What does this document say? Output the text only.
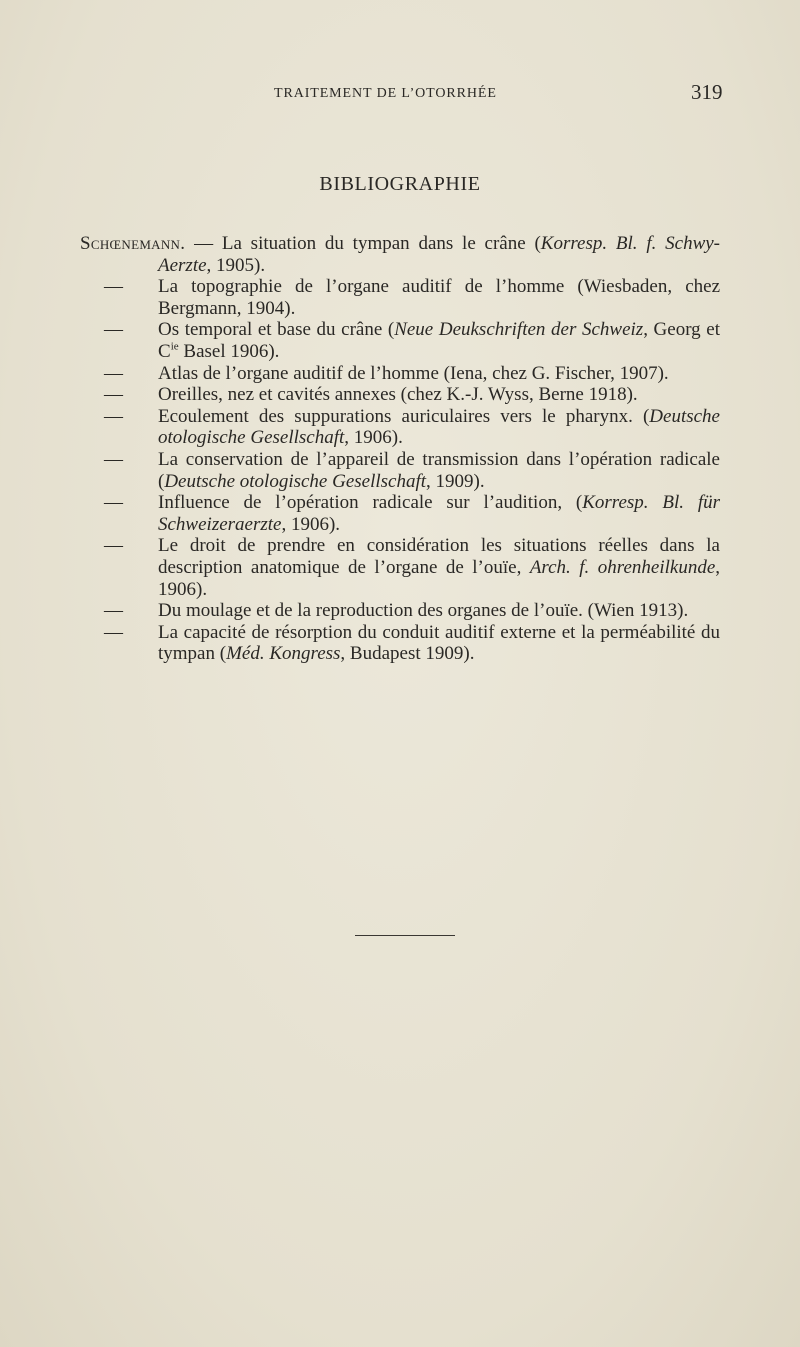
TRAITEMENT DE L’OTORRHÉE	319
BIBLIOGRAPHIE

Schœnemann. — La situation du tympan dans le crâne (Korresp. Bl. f. Schwy-Aerzte, 1905).

— La topographie de l’organe auditif de l’homme (Wiesbaden, chez Bergmann, 1904).

— Os temporal et base du crâne (Neue Deukschriften der Schweiz, Georg et $C^{ie}$ Basel 1906).

— Atlas de l’organe auditif de l’homme (Iena, chez G. Fischer, 1907).

— Oreilles, nez et cavités annexes (chez K.-J. Wyss, Berne 1918).

— Ecoulement des suppurations auriculaires vers le pharynx. (Deutsche otologische Gesellschaft, 1906).

— La conservation de l’appareil de transmission dans l’opération radicale (Deutsche otologische Gesellschaft, 1909).

— Influence de l’opération radicale sur l’audition, (Korresp. Bl. für Schweizeraerzte, 1906).

— Le droit de prendre en considération les situations réelles dans la description anatomique de l’organe de l’ouïe, Arch. f. ohrenheilkunde, 1906).

— Du moulage et de la reproduction des organes de l’ouïe. (Wien 1913).

— La capacité de résorption du conduit auditif externe et la perméabilité du tympan (Méd. Kongress, Budapest 1909).
